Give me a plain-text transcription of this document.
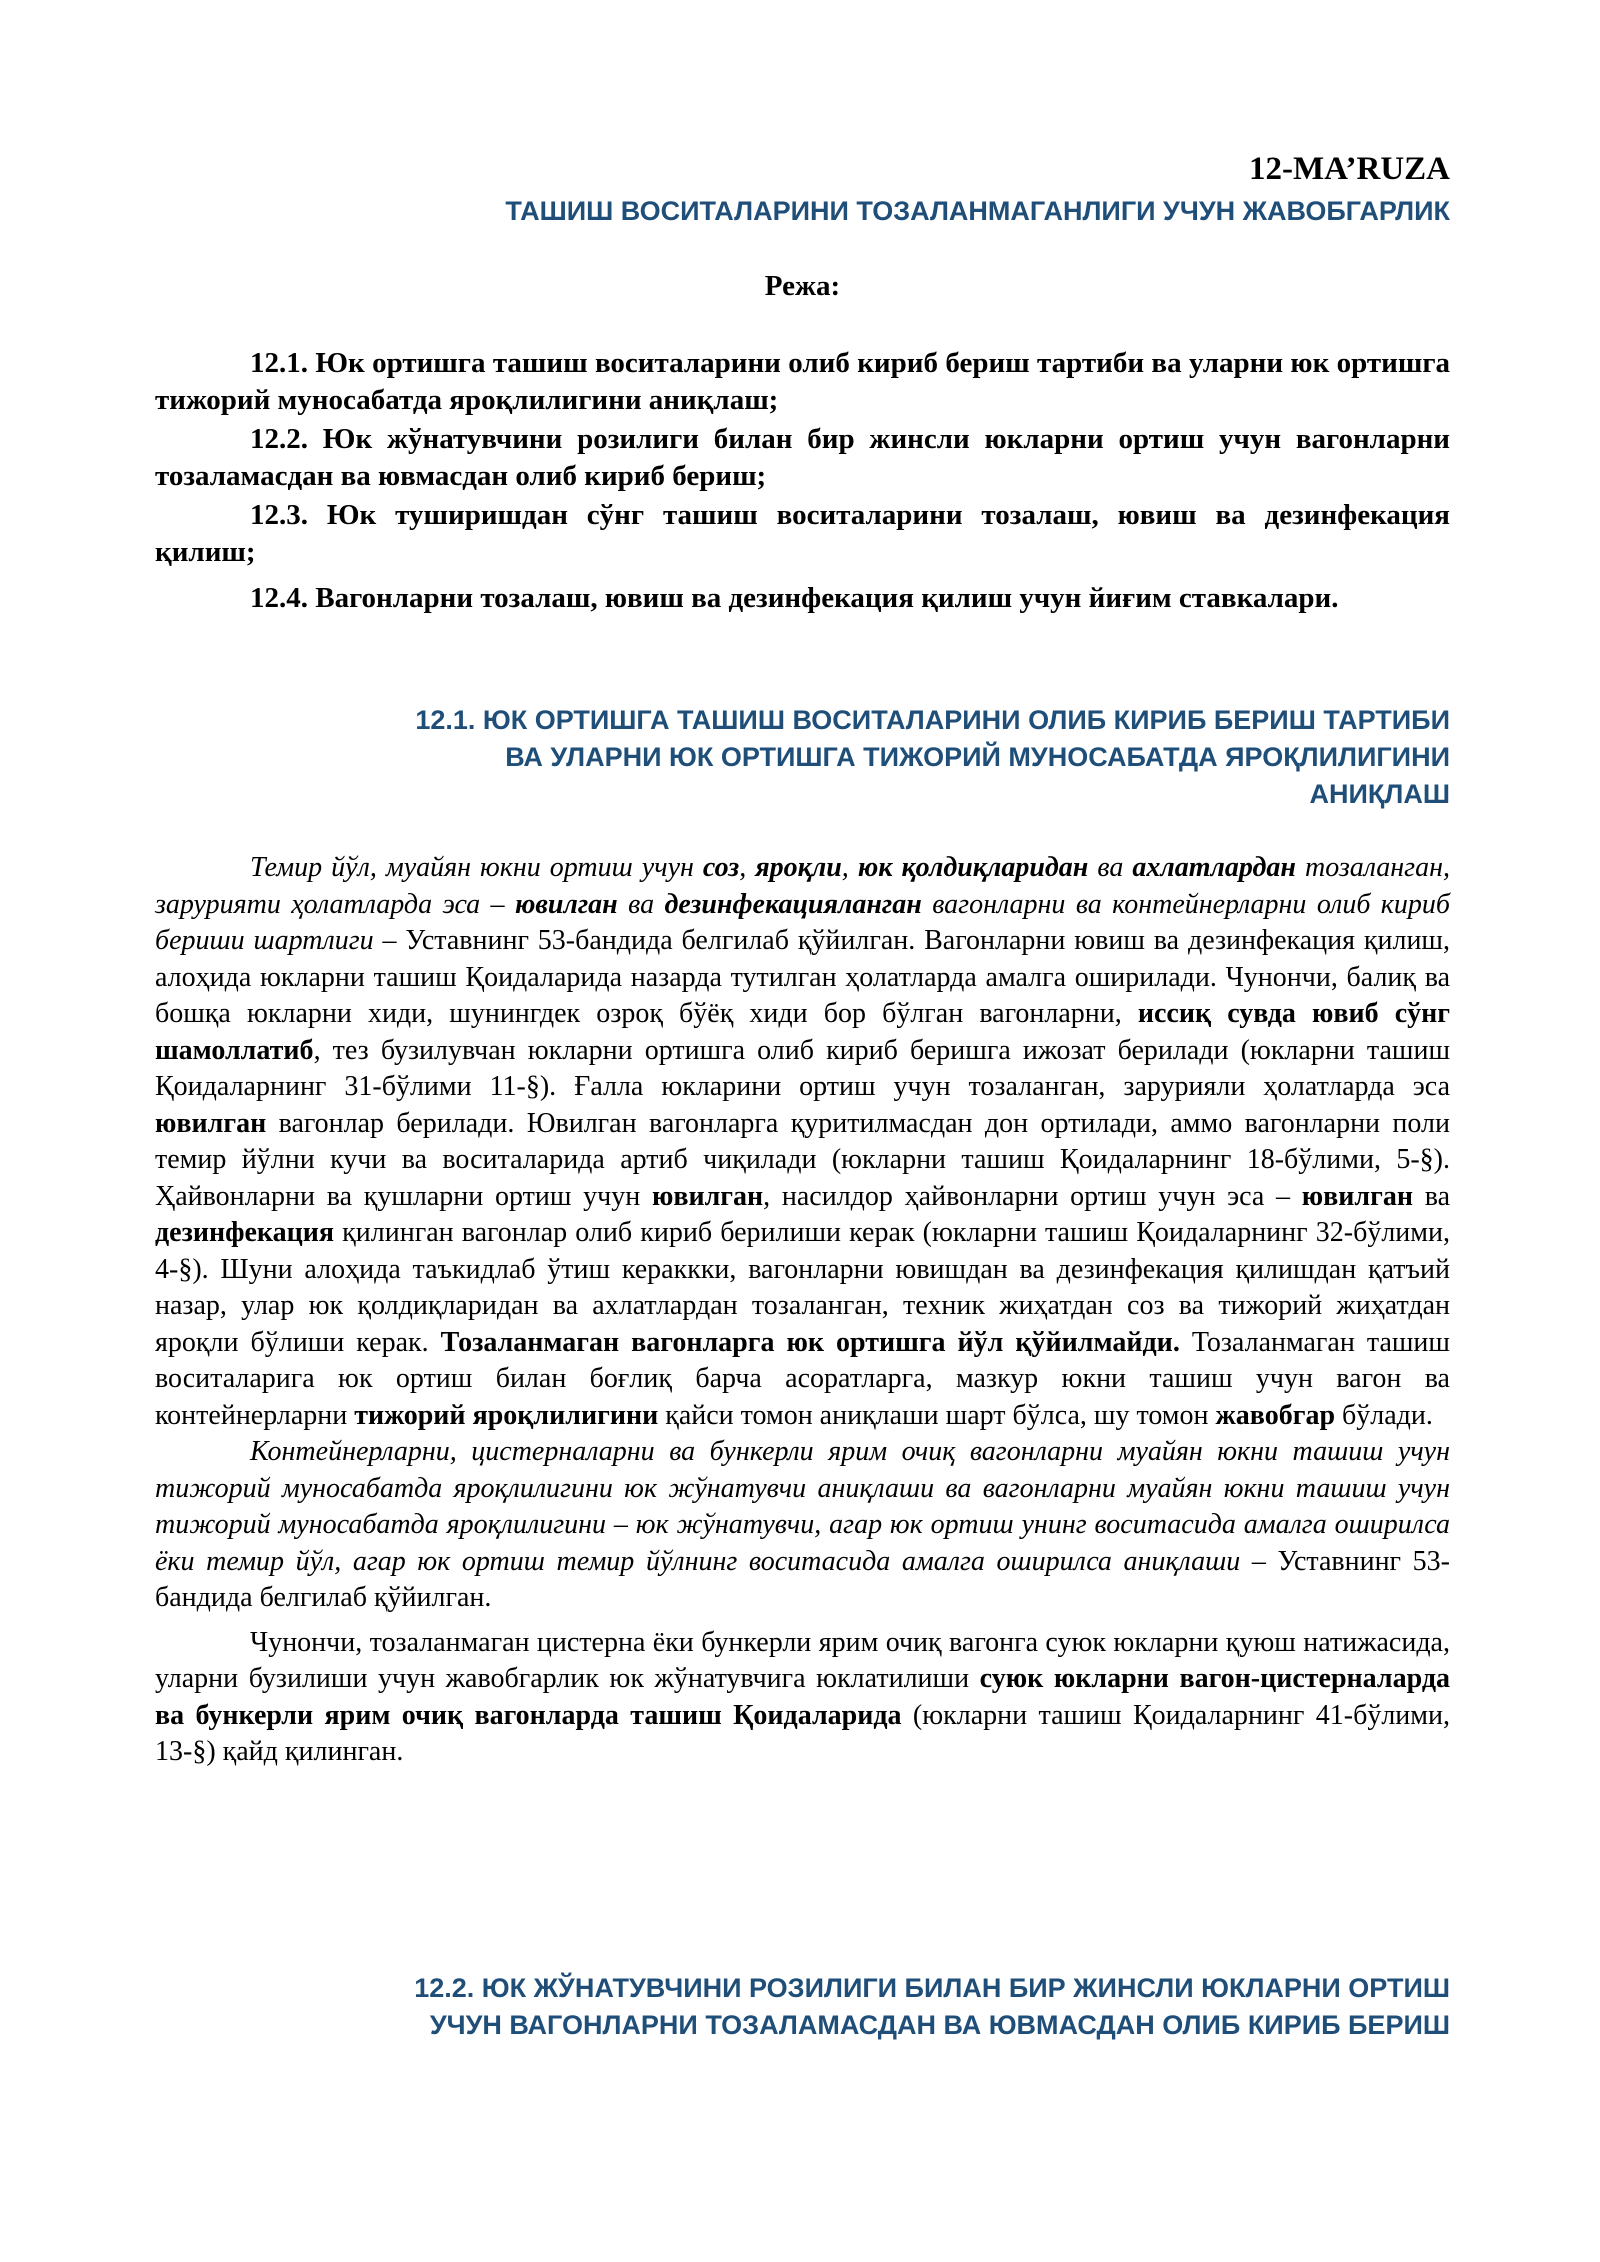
12-MA’RUZA
ТАШИШ ВОСИТАЛАРИНИ ТОЗАЛАНМАГАНЛИГИ УЧУН ЖАВОБГАРЛИК
Режа:

12.1. Юк ортишга ташиш воситаларини олиб кириб бериш тартиби ва уларни юк ортишга тижорий муносабатда яроқлилигини аниқлаш;

12.2. Юк жўнатувчини розилиги билан бир жинсли юкларни ортиш учун вагонларни тозаламасдан ва ювмасдан олиб кириб бериш;

12.3. Юк туширишдан сўнг ташиш воситаларини тозалаш, ювиш ва дезинфекация қилиш;

12.4. Вагонларни тозалаш, ювиш ва дезинфекация қилиш учун йиғим ставкалари.

12.1. ЮК ОРТИШГА ТАШИШ ВОСИТАЛАРИНИ ОЛИБ КИРИБ БЕРИШ ТАРТИБИ
ВА УЛАРНИ ЮК ОРТИШГА ТИЖОРИЙ МУНОСАБАТДА ЯРОҚЛИЛИГИНИ
АНИҚЛАШ

Темир йўл, муайян юкни ортиш учун соз, яроқли, юк қолдиқларидан ва ахлатлардан тозаланган, зарурияти ҳолатларда эса – ювилган ва дезинфекацияланган вагонларни ва контейнерларни олиб кириб бериши шартлиги – Уставнинг 53-бандида белгилаб қўйилган. Вагонларни ювиш ва дезинфекация қилиш, алоҳида юкларни ташиш Қоидаларида назарда тутилган ҳолатларда амалга оширилади. Чунончи, балиқ ва бошқа юкларни хиди, шунингдек озроқ бўёқ хиди бор бўлган вагонларни, иссиқ сувда ювиб сўнг шамоллатиб, тез бузилувчан юкларни ортишга олиб кириб беришга ижозат берилади (юкларни ташиш Қоидаларнинг 31-бўлими 11-§). Ғалла юкларини ортиш учун тозаланган, зарурияли ҳолатларда эса ювилган вагонлар берилади. Ювилган вагонларга қуритилмасдан дон ортилади, аммо вагонларни поли темир йўлни кучи ва воситаларида артиб чиқилади (юкларни ташиш Қоидаларнинг 18-бўлими, 5-§). Ҳайвонларни ва қушларни ортиш учун ювилган, насилдор ҳайвонларни ортиш учун эса – ювилган ва дезинфекация қилинган вагонлар олиб кириб берилиши керак (юкларни ташиш Қоидаларнинг 32-бўлими, 4-§). Шуни алоҳида таъкидлаб ўтиш кераккки, вагонларни ювишдан ва дезинфекация қилишдан қатъий назар, улар юк қолдиқларидан ва ахлатлардан тозаланган, техник жиҳатдан соз ва тижорий жиҳатдан яроқли бўлиши керак. Тозаланмаган вагонларга юк ортишга йўл қўйилмайди. Тозаланмаган ташиш воситаларига юк ортиш билан боғлиқ барча асоратларга, мазкур юкни ташиш учун вагон ва контейнерларни тижорий яроқлилигини қайси томон аниқлаши шарт бўлса, шу томон жавобгар бўлади.

Контейнерларни, цистерналарни ва бункерли ярим очиқ вагонларни муайян юкни ташиш учун тижорий муносабатда яроқлилигини юк жўнатувчи аниқлаши ва вагонларни муайян юкни ташиш учун тижорий муносабатда яроқлилигини – юк жўнатувчи, агар юк ортиш унинг воситасида амалга оширилса ёки темир йўл, агар юк ортиш темир йўлнинг воситасида амалга оширилса аниқлаши – Уставнинг 53-бандида белгилаб қўйилган.

Чунончи, тозаланмаган цистерна ёки бункерли ярим очиқ вагонга суюк юкларни қуюш натижасида, уларни бузилиши учун жавобгарлик юк жўнатувчига юклатилиши суюк юкларни вагон-цистерналарда ва бункерли ярим очиқ вагонларда ташиш Қоидаларида (юкларни ташиш Қоидаларнинг 41-бўлими, 13-§) қайд қилинган.

12.2. ЮК ЖЎНАТУВЧИНИ РОЗИЛИГИ БИЛАН БИР ЖИНСЛИ ЮКЛАРНИ ОРТИШ
УЧУН ВАГОНЛАРНИ ТОЗАЛАМАСДАН ВА ЮВМАСДАН ОЛИБ КИРИБ БЕРИШ
